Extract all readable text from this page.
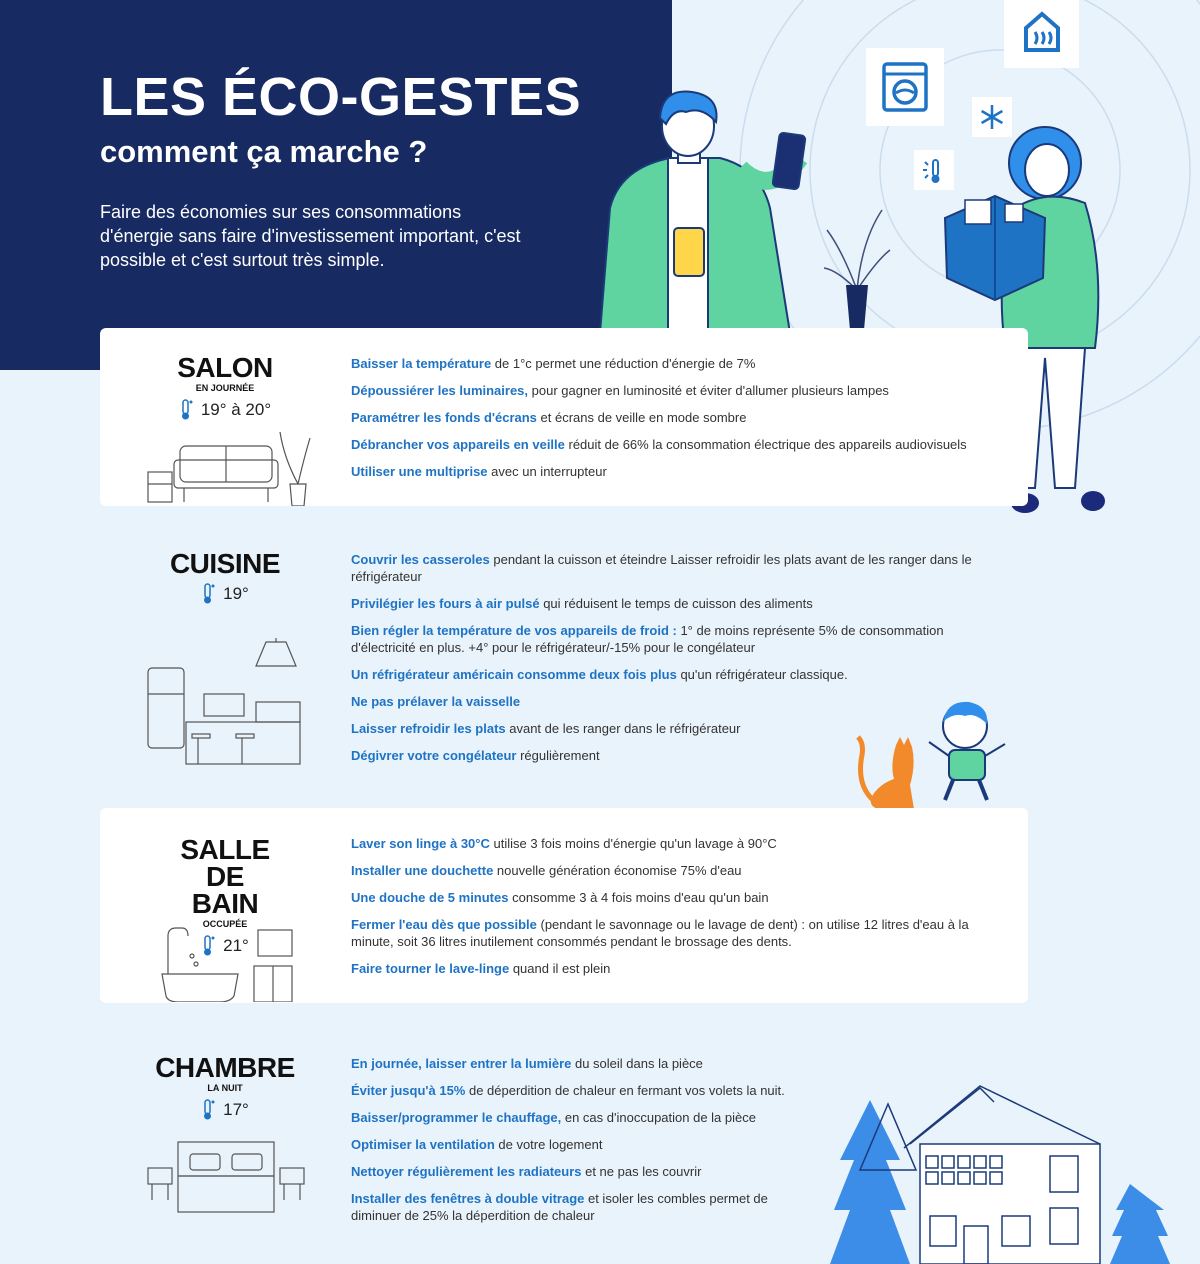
LES ÉCO-GESTES
comment ça marche ?

Faire des économies sur ses consommations d'énergie sans faire d'investissement important, c'est possible et c'est surtout très simple.

SALON
EN JOURNÉE
19° à 20°
Baisser la température de 1°c permet une réduction d'énergie de 7%
Dépoussiérer les luminaires, pour gagner en luminosité et éviter d'allumer plusieurs lampes
Paramétrer les fonds d'écrans et écrans de veille en mode sombre
Débrancher vos appareils en veille réduit de 66% la consommation électrique des appareils audiovisuels
Utiliser une multiprise avec un interrupteur
CUISINE
19°
Couvrir les casseroles pendant la cuisson et éteindre Laisser refroidir les plats avant de les ranger dans le réfrigérateur
Privilégier les fours à air pulsé qui réduisent le temps de cuisson des aliments
Bien régler la température de vos appareils de froid : 1° de moins représente 5% de consommation d'électricité en plus. +4° pour le réfrigérateur/-15% pour le congélateur
Un réfrigérateur américain consomme deux fois plus qu'un réfrigérateur classique.
Ne pas prélaver la vaisselle
Laisser refroidir les plats avant de les ranger dans le réfrigérateur
Dégivrer votre congélateur régulièrement
SALLE DE BAIN
OCCUPÉE
21°
Laver son linge à 30°C utilise 3 fois moins d'énergie qu'un lavage à 90°C
Installer une douchette nouvelle génération économise 75% d'eau
Une douche de 5 minutes consomme 3 à 4 fois moins d'eau qu'un bain
Fermer l'eau dès que possible (pendant le savonnage ou le lavage de dent) : on utilise 12 litres d'eau à la minute, soit 36 litres inutilement consommés pendant le brossage des dents.
Faire tourner le lave-linge quand il est plein
CHAMBRE
LA NUIT
17°
En journée, laisser entrer la lumière du soleil dans la pièce
Éviter jusqu'à 15% de déperdition de chaleur en fermant vos volets la nuit.
Baisser/programmer le chauffage, en cas d'inoccupation de la pièce
Optimiser la ventilation de votre logement
Nettoyer régulièrement les radiateurs et ne pas les couvrir
Installer des fenêtres à double vitrage et isoler les combles permet de diminuer de 25% la déperdition de chaleur
